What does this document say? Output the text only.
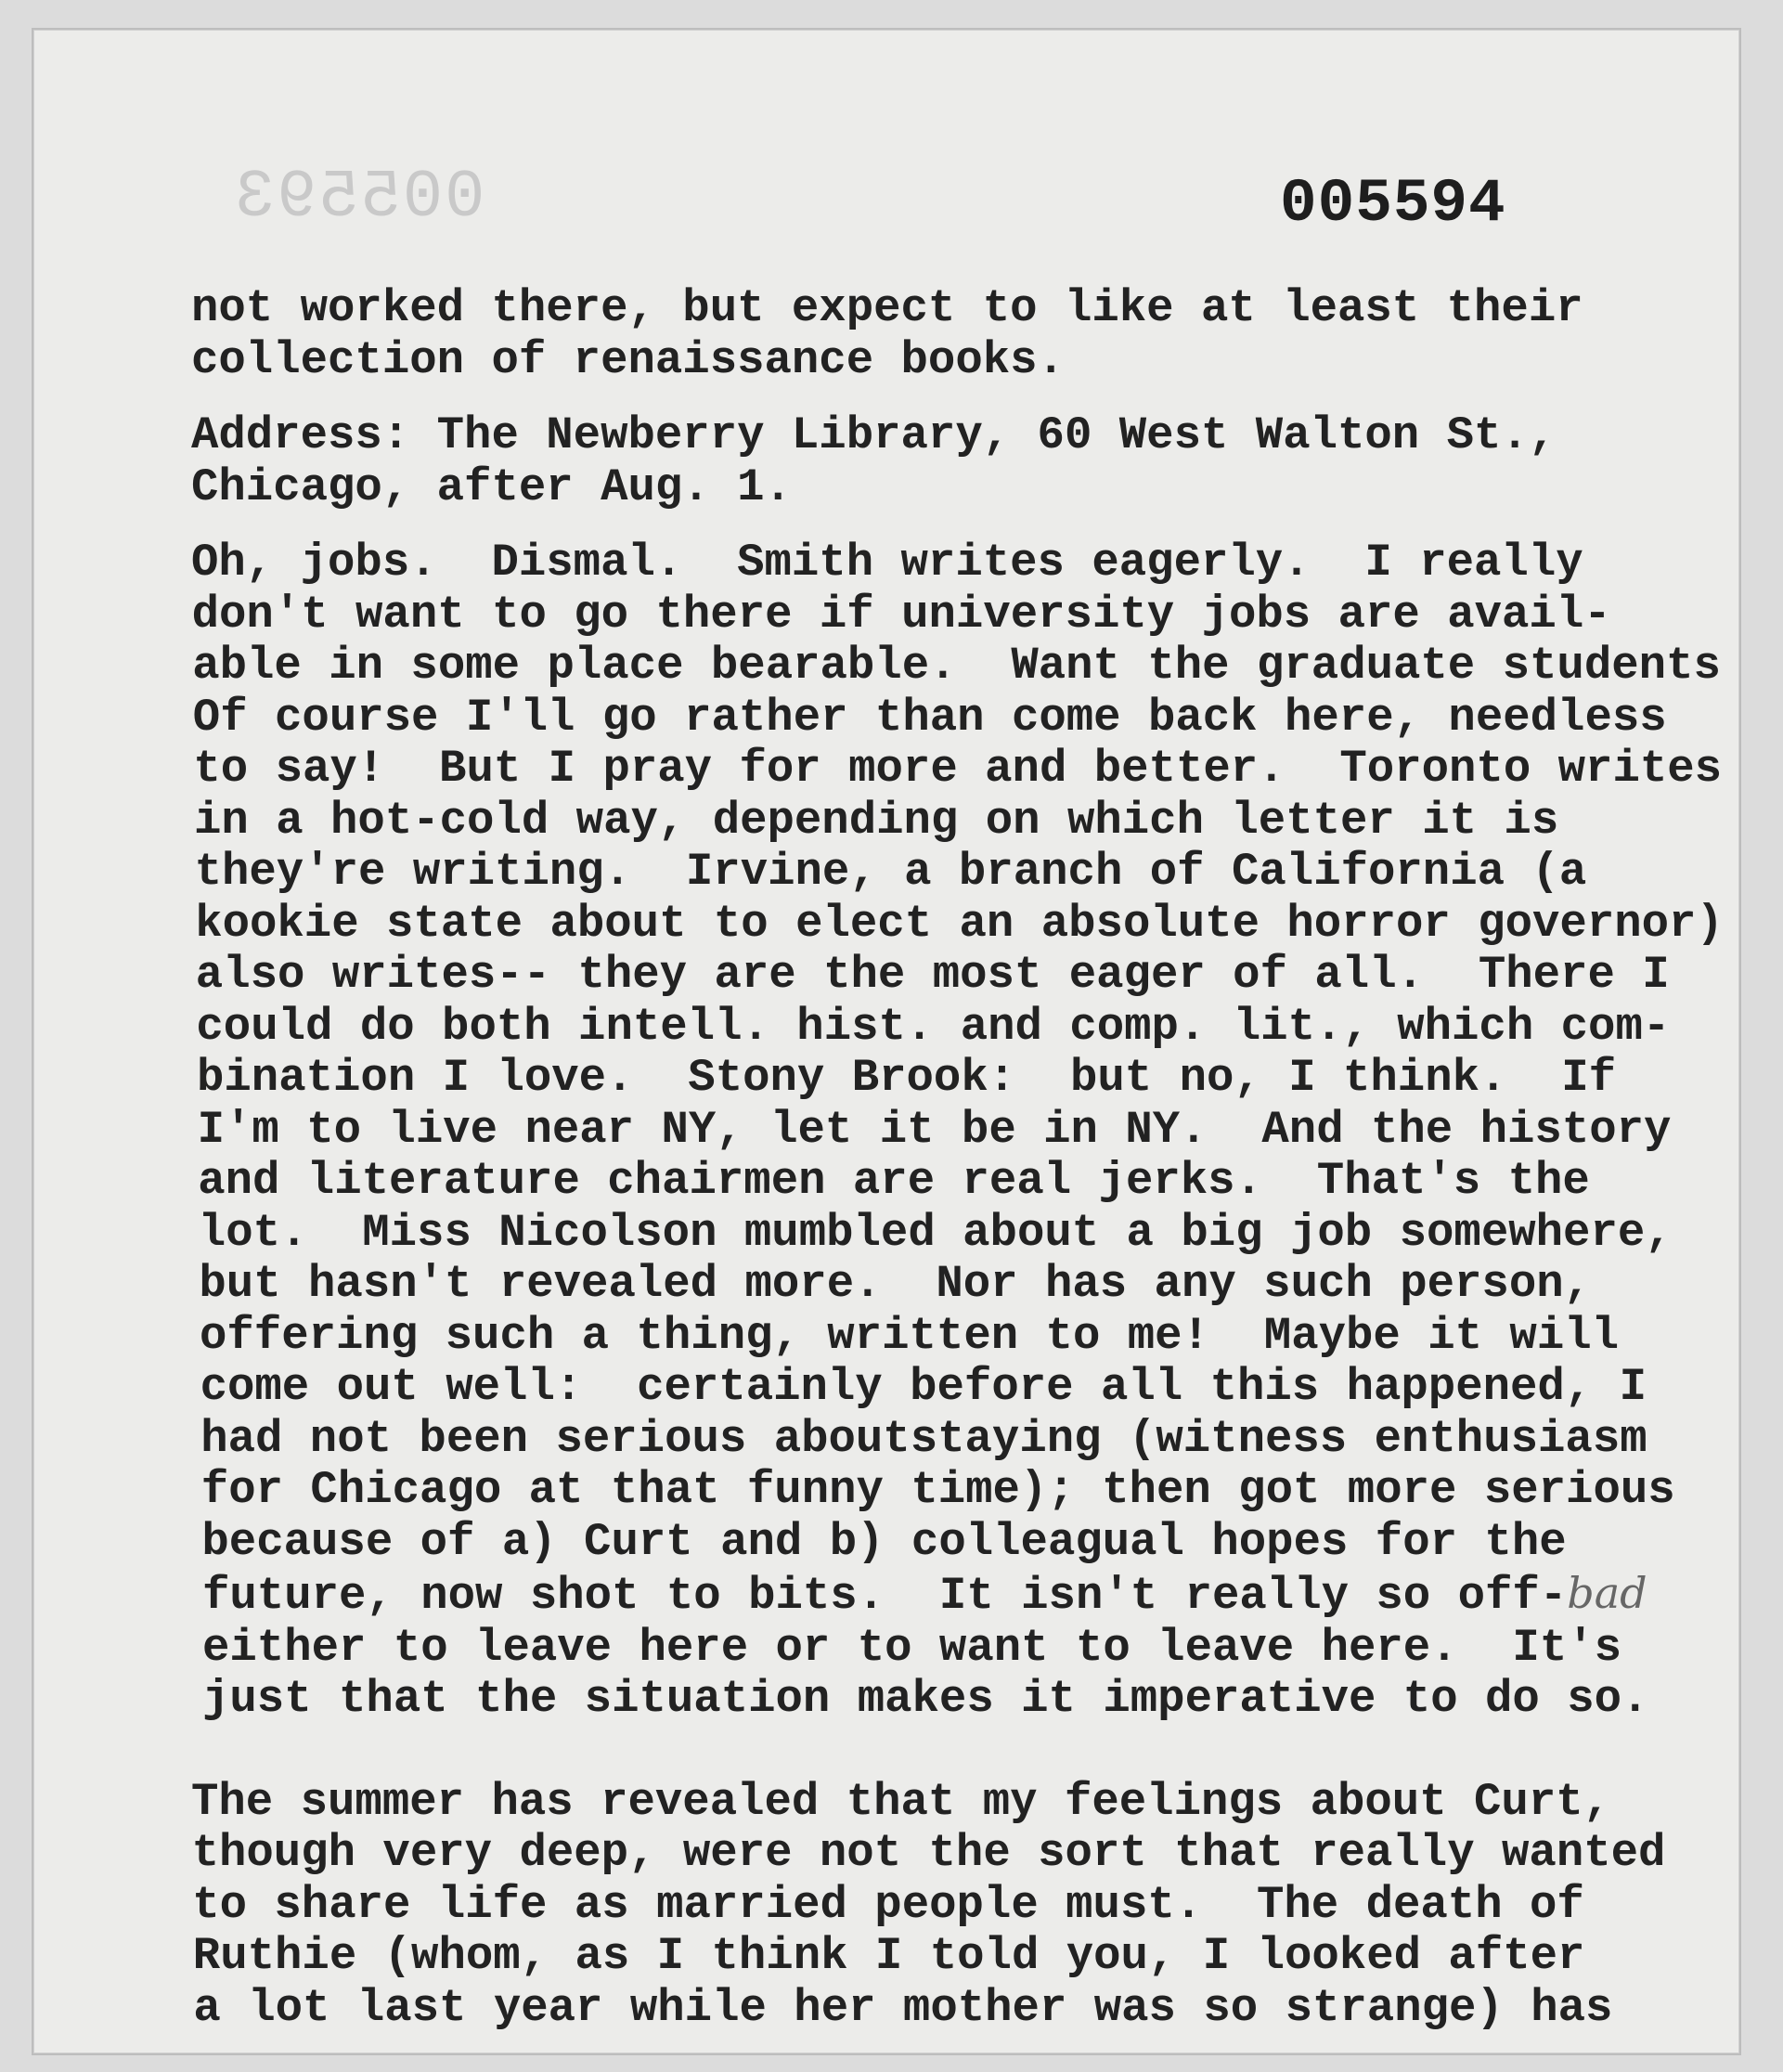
005593	005594
not worked there, but expect to like at least their
collection of renaissance books.
Address: The Newberry Library, 60 West Walton St.,
Chicago, after Aug. 1.
Oh, jobs.  Dismal.  Smith writes eagerly.  I really
don't want to go there if university jobs are avail-
able in some place bearable.  Want the graduate students
Of course I'll go rather than come back here, needless
to say!  But I pray for more and better.  Toronto writes
in a hot-cold way, depending on which letter it is
they're writing.  Irvine, a branch of California (a
kookie state about to elect an absolute horror governor)
also writes-- they are the most eager of all.  There I
could do both intell. hist. and comp. lit., which com-
bination I love.  Stony Brook:  but no, I think.  If
I'm to live near NY, let it be in NY.  And the history
and literature chairmen are real jerks.  That's the
lot.  Miss Nicolson mumbled about a big job somewhere,
but hasn't revealed more.  Nor has any such person,
offering such a thing, written to me!  Maybe it will
come out well:  certainly before all this happened, I
had not been serious aboutstaying (witness enthusiasm
for Chicago at that funny time); then got more serious
because of a) Curt and b) colleagual hopes for the
future, now shot to bits.  It isn't really so off-bad
either to leave here or to want to leave here.  It's
just that the situation makes it imperative to do so.
The summer has revealed that my feelings about Curt,
though very deep, were not the sort that really wanted
to share life as married people must.  The death of
Ruthie (whom, as I think I told you, I looked after
a lot last year while her mother was so strange) has
